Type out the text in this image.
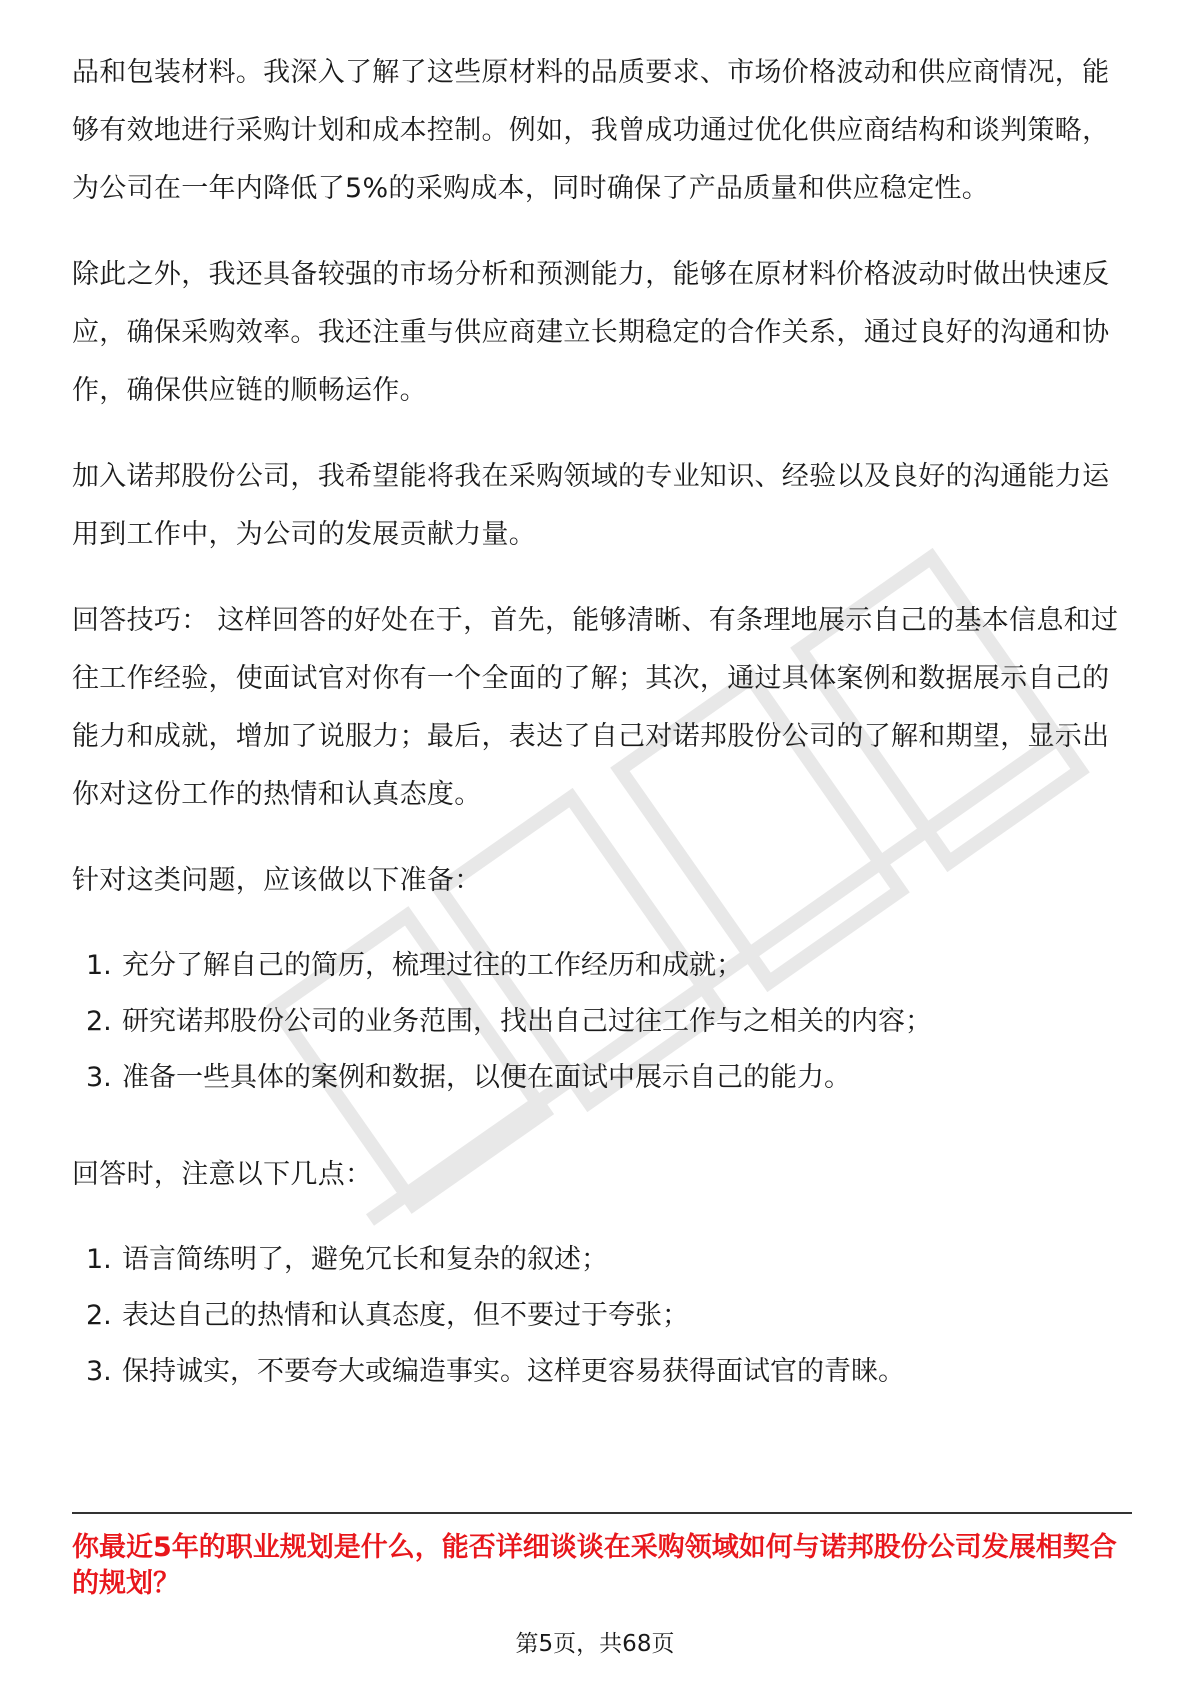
品和包装材料。我深入了解了这些原材料的品质要求、市场价格波动和供应商情况，能够有效地进行采购计划和成本控制。例如，我曾成功通过优化供应商结构和谈判策略，为公司在一年内降低了5%的采购成本，同时确保了产品质量和供应稳定性。

除此之外，我还具备较强的市场分析和预测能力，能够在原材料价格波动时做出快速反应，确保采购效率。我还注重与供应商建立长期稳定的合作关系，通过良好的沟通和协作，确保供应链的顺畅运作。

加入诺邦股份公司，我希望能将我在采购领域的专业知识、经验以及良好的沟通能力运用到工作中，为公司的发展贡献力量。

回答技巧： 这样回答的好处在于，首先，能够清晰、有条理地展示自己的基本信息和过往工作经验，使面试官对你有一个全面的了解；其次，通过具体案例和数据展示自己的能力和成就，增加了说服力；最后，表达了自己对诺邦股份公司的了解和期望，显示出你对这份工作的热情和认真态度。

针对这类问题，应该做以下准备：

1. 充分了解自己的简历，梳理过往的工作经历和成就；
2. 研究诺邦股份公司的业务范围，找出自己过往工作与之相关的内容；
3. 准备一些具体的案例和数据，以便在面试中展示自己的能力。

回答时，注意以下几点：

1. 语言简练明了，避免冗长和复杂的叙述；
2. 表达自己的热情和认真态度，但不要过于夸张；
3. 保持诚实，不要夸大或编造事实。这样更容易获得面试官的青睐。

你最近5年的职业规划是什么，能否详细谈谈在采购领域如何与诺邦股份公司发展相契合的规划？

第5页，共68页
